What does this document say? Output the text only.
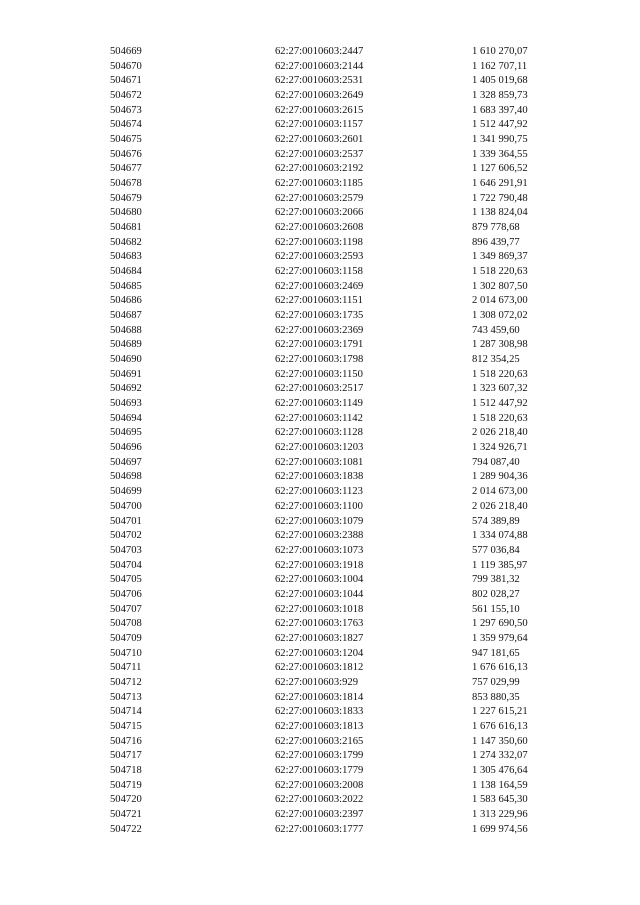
504669	62:27:0010603:2447	1 610 270,07
504670	62:27:0010603:2144	1 162 707,11
504671	62:27:0010603:2531	1 405 019,68
504672	62:27:0010603:2649	1 328 859,73
504673	62:27:0010603:2615	1 683 397,40
504674	62:27:0010603:1157	1 512 447,92
504675	62:27:0010603:2601	1 341 990,75
504676	62:27:0010603:2537	1 339 364,55
504677	62:27:0010603:2192	1 127 606,52
504678	62:27:0010603:1185	1 646 291,91
504679	62:27:0010603:2579	1 722 790,48
504680	62:27:0010603:2066	1 138 824,04
504681	62:27:0010603:2608	879 778,68
504682	62:27:0010603:1198	896 439,77
504683	62:27:0010603:2593	1 349 869,37
504684	62:27:0010603:1158	1 518 220,63
504685	62:27:0010603:2469	1 302 807,50
504686	62:27:0010603:1151	2 014 673,00
504687	62:27:0010603:1735	1 308 072,02
504688	62:27:0010603:2369	743 459,60
504689	62:27:0010603:1791	1 287 308,98
504690	62:27:0010603:1798	812 354,25
504691	62:27:0010603:1150	1 518 220,63
504692	62:27:0010603:2517	1 323 607,32
504693	62:27:0010603:1149	1 512 447,92
504694	62:27:0010603:1142	1 518 220,63
504695	62:27:0010603:1128	2 026 218,40
504696	62:27:0010603:1203	1 324 926,71
504697	62:27:0010603:1081	794 087,40
504698	62:27:0010603:1838	1 289 904,36
504699	62:27:0010603:1123	2 014 673,00
504700	62:27:0010603:1100	2 026 218,40
504701	62:27:0010603:1079	574 389,89
504702	62:27:0010603:2388	1 334 074,88
504703	62:27:0010603:1073	577 036,84
504704	62:27:0010603:1918	1 119 385,97
504705	62:27:0010603:1004	799 381,32
504706	62:27:0010603:1044	802 028,27
504707	62:27:0010603:1018	561 155,10
504708	62:27:0010603:1763	1 297 690,50
504709	62:27:0010603:1827	1 359 979,64
504710	62:27:0010603:1204	947 181,65
504711	62:27:0010603:1812	1 676 616,13
504712	62:27:0010603:929	757 029,99
504713	62:27:0010603:1814	853 880,35
504714	62:27:0010603:1833	1 227 615,21
504715	62:27:0010603:1813	1 676 616,13
504716	62:27:0010603:2165	1 147 350,60
504717	62:27:0010603:1799	1 274 332,07
504718	62:27:0010603:1779	1 305 476,64
504719	62:27:0010603:2008	1 138 164,59
504720	62:27:0010603:2022	1 583 645,30
504721	62:27:0010603:2397	1 313 229,96
504722	62:27:0010603:1777	1 699 974,56
